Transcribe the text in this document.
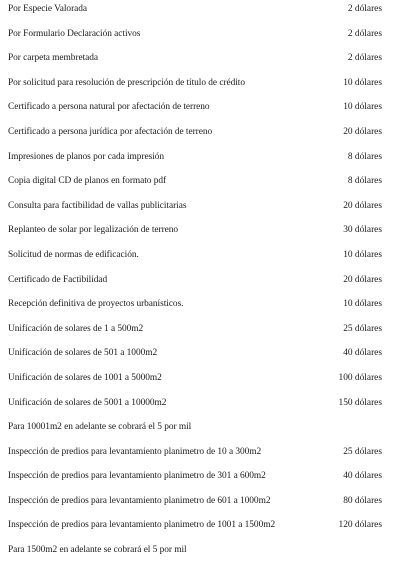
Por Especie Valorada	2 dólares
Por Formulario Declaración activos	2 dólares
Por carpeta membretada	2 dólares
Por solicitud para resolución de prescripción de título de crédito	10 dólares
Certificado a persona natural por afectación de terreno	10 dólares
Certificado a persona jurídica por afectación de terreno	20 dólares
Impresiones de planos por cada impresión	8 dólares
Copia digital CD de planos en formato pdf	8 dólares
Consulta para factibilidad de vallas publicitarias	20 dólares
Replanteo de solar por legalización de terreno	30 dólares
Solicitud de normas de edificación.	10 dólares
Certificado de Factibilidad	20 dólares
Recepción definitiva de proyectos urbanísticos.	10 dólares
Unificación de solares de 1 a 500m2	25 dólares
Unificación de solares de 501 a 1000m2	40 dólares
Unificación de solares de 1001 a 5000m2	100 dólares
Unificación de solares de 5001 a 10000m2	150 dólares
Para 10001m2 en adelante se cobrará el 5 por mil
Inspección de predios para levantamiento planimetro de 10 a 300m2	25 dólares
Inspección de predios para levantamiento planimetro de 301 a 600m2	40 dólares
Inspección de predios para levantamiento planimetro de 601 a 1000m2	80 dólares
Inspección de predios para levantamiento planimetro de 1001 a 1500m2	120 dólares
Para 1500m2 en adelante se cobrará el 5 por mil
